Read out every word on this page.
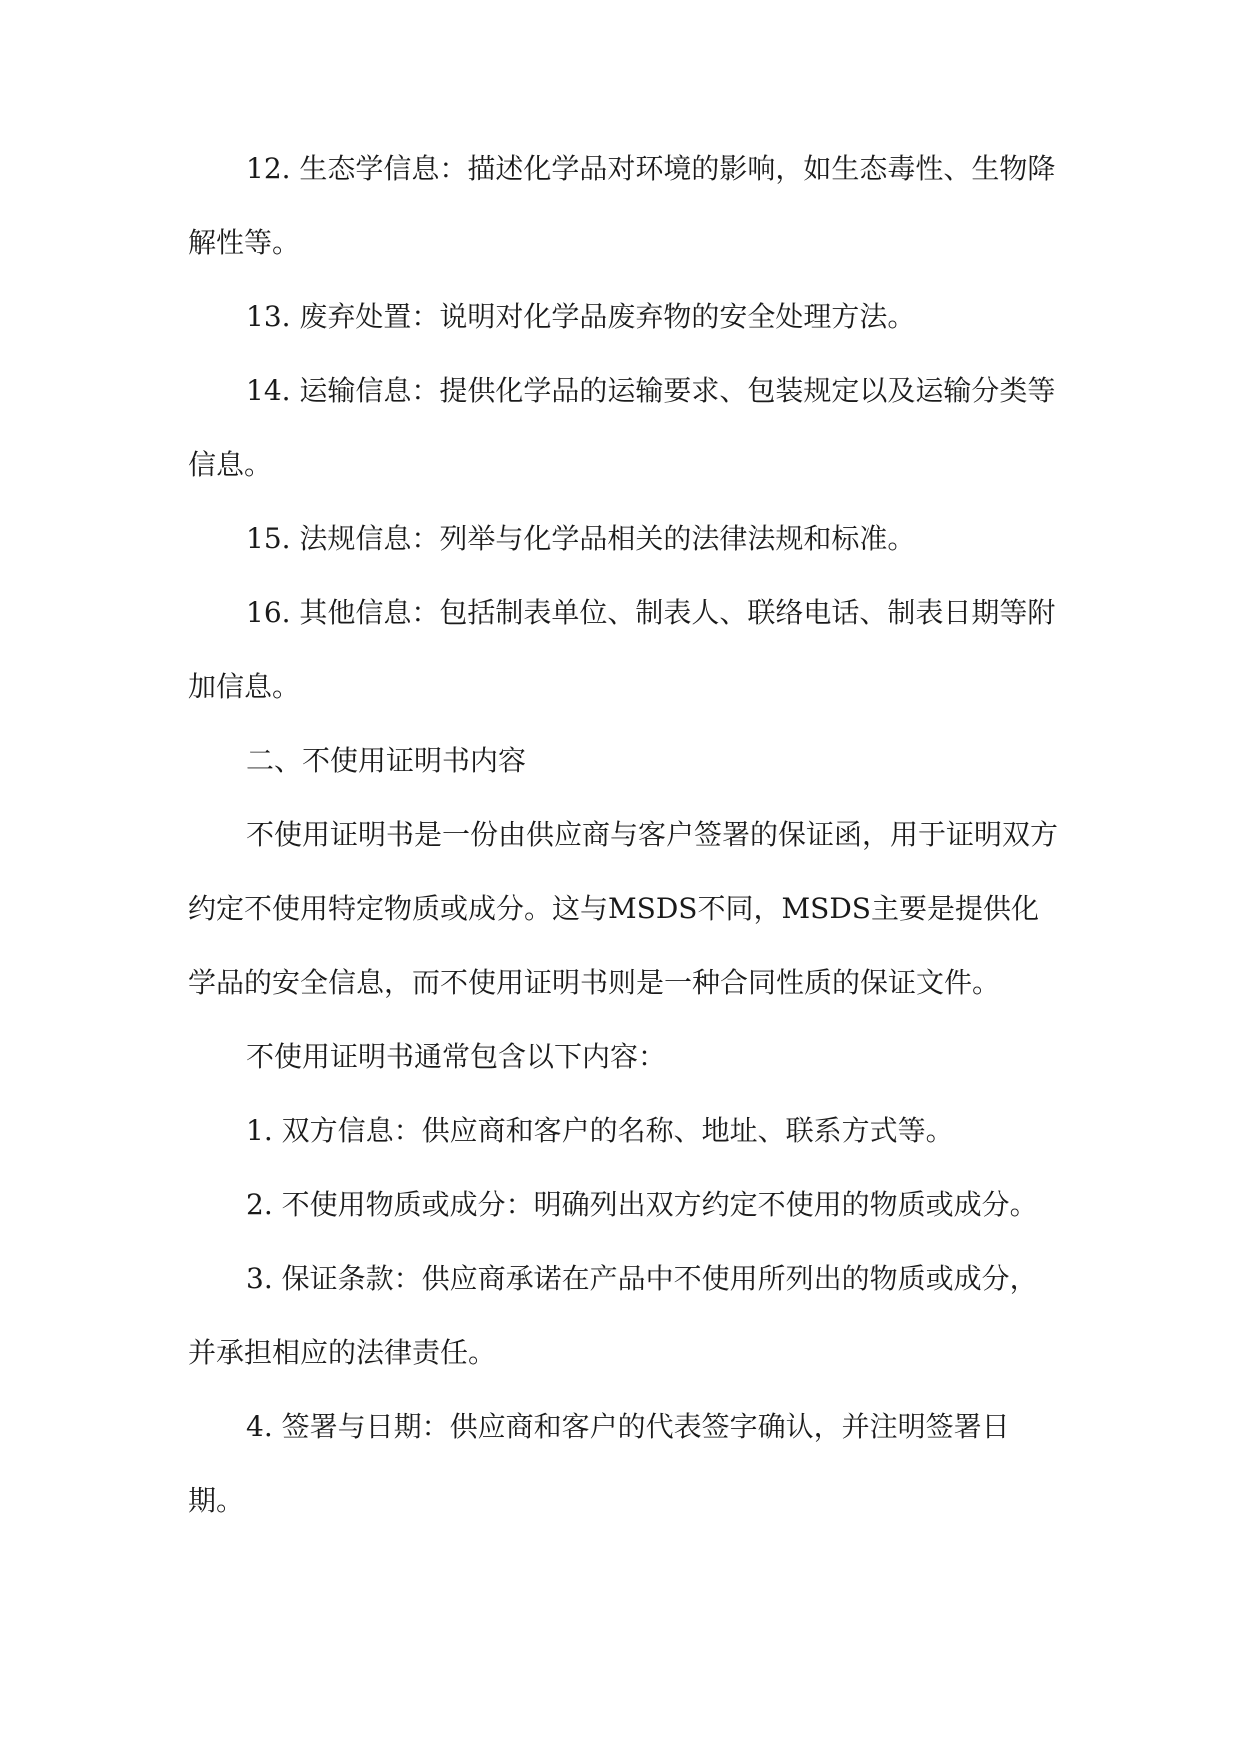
12. 生态学信息：描述化学品对环境的影响，如生态毒性、生物降解性等。

13. 废弃处置：说明对化学品废弃物的安全处理方法。

14. 运输信息：提供化学品的运输要求、包装规定以及运输分类等信息。

15. 法规信息：列举与化学品相关的法律法规和标准。

16. 其他信息：包括制表单位、制表人、联络电话、制表日期等附加信息。

二、不使用证明书内容

不使用证明书是一份由供应商与客户签署的保证函，用于证明双方约定不使用特定物质或成分。这与MSDS不同，MSDS主要是提供化学品的安全信息，而不使用证明书则是一种合同性质的保证文件。

不使用证明书通常包含以下内容：

1. 双方信息：供应商和客户的名称、地址、联系方式等。

2. 不使用物质或成分：明确列出双方约定不使用的物质或成分。

3. 保证条款：供应商承诺在产品中不使用所列出的物质或成分，并承担相应的法律责任。

4. 签署与日期：供应商和客户的代表签字确认，并注明签署日期。
